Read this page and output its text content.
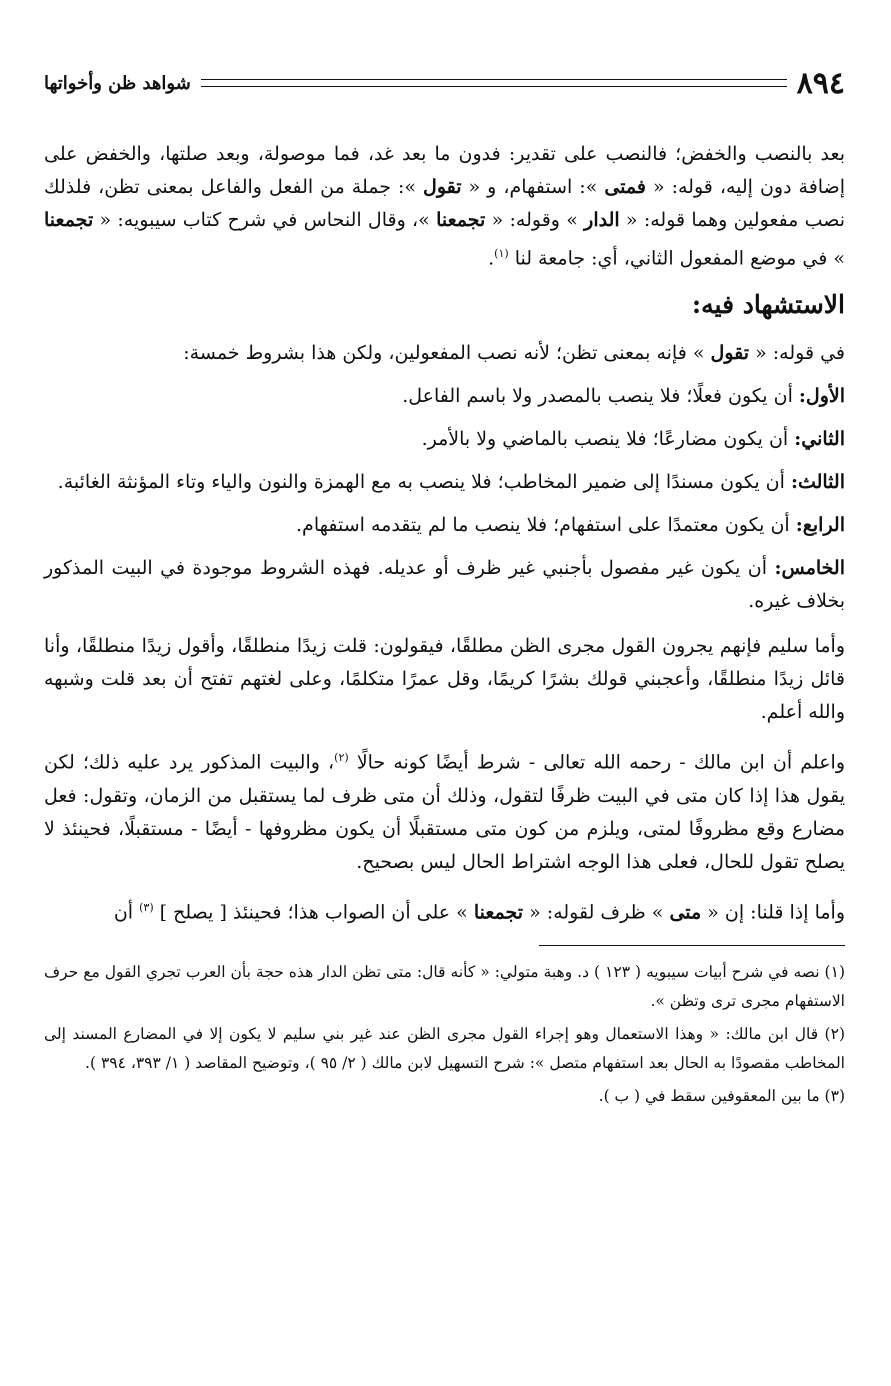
٨٩٤
شواهد ظن وأخواتها

بعد بالنصب والخفض؛ فالنصب على تقدير: فدون ما بعد غد، فما موصولة، وبعد صلتها، والخفض على إضافة دون إليه، قوله: « فمتى »: استفهام، و « تقول »: جملة من الفعل والفاعل بمعنى تظن، فلذلك نصب مفعولين وهما قوله: « الدار » وقوله: « تجمعنا »، وقال النحاس في شرح كتاب سيبويه: « تجمعنا » في موضع المفعول الثاني، أي: جامعة لنا $^{(١)}$.

الاستشهاد فيه:

في قوله: « تقول » فإنه بمعنى تظن؛ لأنه نصب المفعولين، ولكن هذا بشروط خمسة:

الأول: أن يكون فعلًا؛ فلا ينصب بالمصدر ولا باسم الفاعل.

الثاني: أن يكون مضارعًا؛ فلا ينصب بالماضي ولا بالأمر.

الثالث: أن يكون مسندًا إلى ضمير المخاطب؛ فلا ينصب به مع الهمزة والنون والياء وتاء المؤنثة الغائبة.

الرابع: أن يكون معتمدًا على استفهام؛ فلا ينصب ما لم يتقدمه استفهام.

الخامس: أن يكون غير مفصول بأجنبي غير ظرف أو عديله. فهذه الشروط موجودة في البيت المذكور بخلاف غيره.

وأما سليم فإنهم يجرون القول مجرى الظن مطلقًا، فيقولون: قلت زيدًا منطلقًا، وأقول زيدًا منطلقًا، وأنا قائل زيدًا منطلقًا، وأعجبني قولك بشرًا كريمًا، وقل عمرًا متكلمًا، وعلى لغتهم تفتح أن بعد قلت وشبهه والله أعلم.

واعلم أن ابن مالك - رحمه الله تعالى - شرط أيضًا كونه حالًا $^{(٢)}$، والبيت المذكور يرد عليه ذلك؛ لكن يقول هذا إذا كان متى في البيت ظرفًا لتقول، وذلك أن متى ظرف لما يستقبل من الزمان، وتقول: فعل مضارع وقع مظروفًا لمتى، ويلزم من كون متى مستقبلًا أن يكون مظروفها - أيضًا - مستقبلًا، فحينئذ لا يصلح تقول للحال، فعلى هذا الوجه اشتراط الحال ليس بصحيح.

وأما إذا قلنا: إن « متى » ظرف لقوله: « تجمعنا » على أن الصواب هذا؛ فحينئذ [ يصلح ] $^{(٣)}$ أن

(١) نصه في شرح أبيات سيبويه ( ١٢٣ ) د. وهبة متولي: « كأنه قال: متى تظن الدار هذه حجة بأن العرب تجري القول مع حرف الاستفهام مجرى ترى وتظن ».

(٢) قال ابن مالك: « وهذا الاستعمال وهو إجراء القول مجرى الظن عند غير بني سليم لا يكون إلا في المضارع المسند إلى المخاطب مقصودًا به الحال بعد استفهام متصل »: شرح التسهيل لابن مالك ( ٢/ ٩٥ )، وتوضيح المقاصد ( ١/ ٣٩٣، ٣٩٤ ).

(٣) ما بين المعقوفين سقط في ( ب ).
